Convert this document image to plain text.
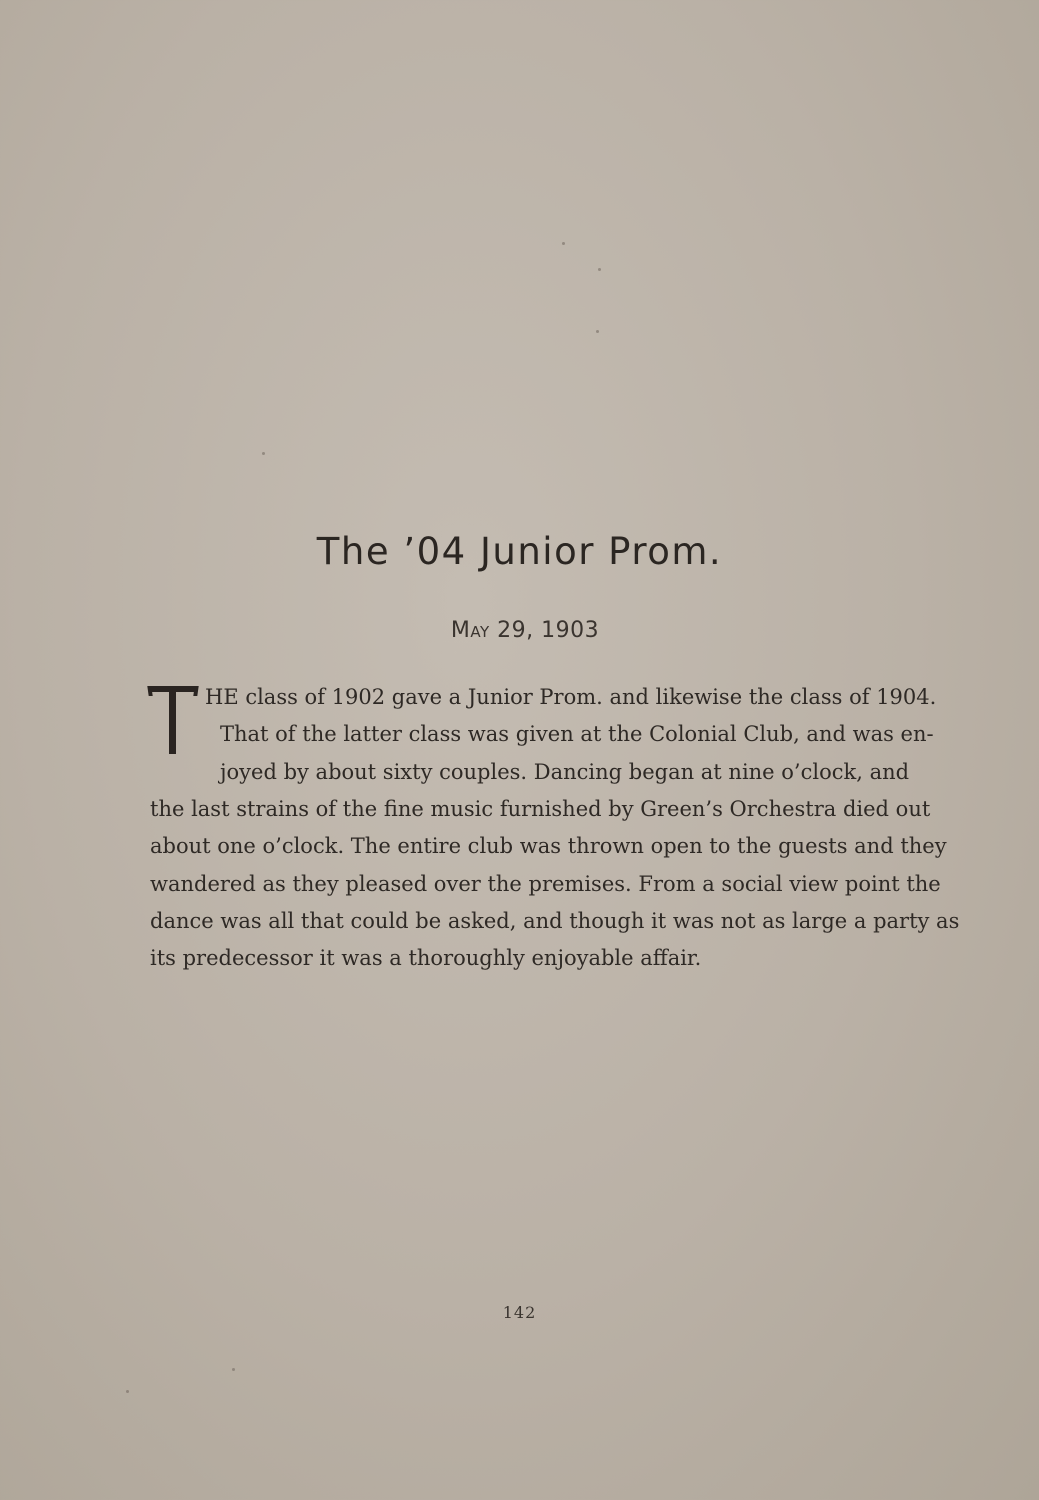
The ’04 Junior Prom.
May 29, 1903
HE class of 1902 gave a Junior Prom. and likewise the class of 1904.
That of the latter class was given at the Colonial Club, and was en-
joyed by about sixty couples. Dancing began at nine o’clock, and
the last strains of the fine music furnished by Green’s Orchestra died out
about one o’clock. The entire club was thrown open to the guests and they
wandered as they pleased over the premises. From a social view point the
dance was all that could be asked, and though it was not as large a party as
its predecessor it was a thoroughly enjoyable affair.
142
